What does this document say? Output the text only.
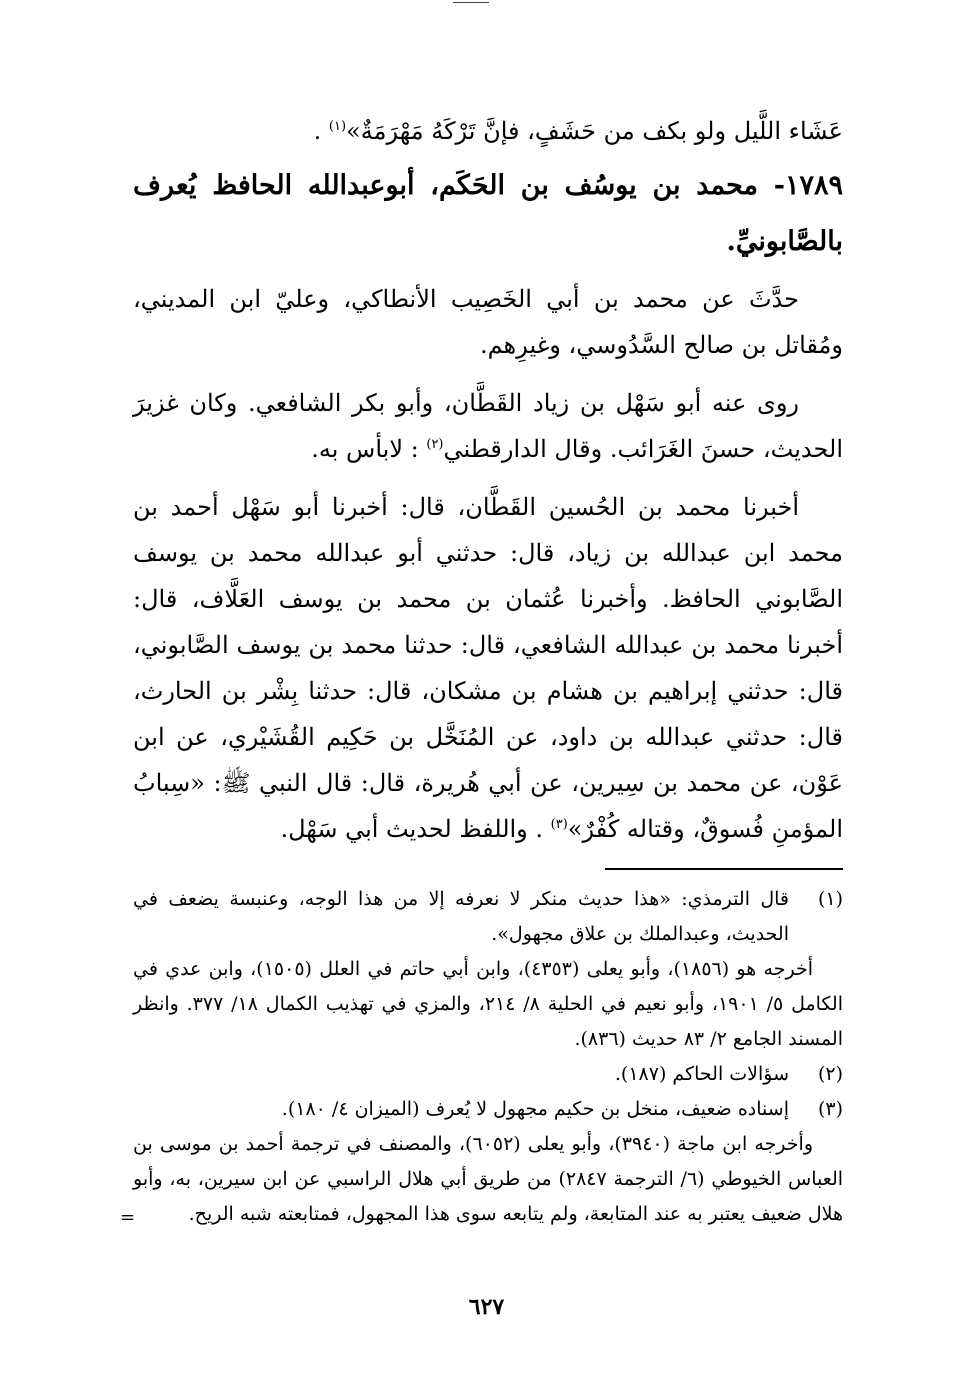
عَشَاء اللَّيل ولو بكف من حَشَفٍ، فإنَّ تَرْكَهُ مَهْرَمَةٌ»$^{(١)}$ .

١٧٨٩- محمد بن يوسُف بن الحَكَم، أبوعبدالله الحافظ يُعرف بالصَّابونيِّ.

حدَّثَ عن محمد بن أبي الخَصِيب الأنطاكي، وعليّ ابن المديني، ومُقاتل بن صالح السَّدُوسي، وغيرِهم.

روى عنه أبو سَهْل بن زياد القَطَّان، وأبو بكر الشافعي. وكان غزيرَ الحديث، حسنَ الغَرَائب. وقال الدارقطني$^{(٢)}$ : لابأس به.

أخبرنا محمد بن الحُسين القَطَّان، قال: أخبرنا أبو سَهْل أحمد بن محمد ابن عبدالله بن زياد، قال: حدثني أبو عبدالله محمد بن يوسف الصَّابوني الحافظ. وأخبرنا عُثمان بن محمد بن يوسف العَلَّاف، قال: أخبرنا محمد بن عبدالله الشافعي، قال: حدثنا محمد بن يوسف الصَّابوني، قال: حدثني إبراهيم بن هشام بن مشكان، قال: حدثنا بِشْر بن الحارث، قال: حدثني عبدالله بن داود، عن المُنَخَّل بن حَكِيم القُشَيْري، عن ابن عَوْن، عن محمد بن سِيرين، عن أبي هُريرة، قال: قال النبي ﷺ: «سِبابُ المؤمنِ فُسوقٌ، وقتاله كُفْرٌ»$^{(٣)}$ . واللفظ لحديث أبي سَهْل.

(١)
قال الترمذي: «هذا حديث منكر لا نعرفه إلا من هذا الوجه، وعنبسة يضعف في الحديث، وعبدالملك بن علاق مجهول».
أخرجه هو (١٨٥٦)، وأبو يعلى (٤٣٥٣)، وابن أبي حاتم في العلل (١٥٠٥)، وابن عدي في الكامل ٥/ ١٩٠١، وأبو نعيم في الحلية ٨/ ٢١٤، والمزي في تهذيب الكمال ١٨/ ٣٧٧. وانظر المسند الجامع ٢/ ٨٣ حديث (٨٣٦).
(٢)
سؤالات الحاكم (١٨٧).
(٣)
إسناده ضعيف، منخل بن حكيم مجهول لا يُعرف (الميزان ٤/ ١٨٠).
وأخرجه ابن ماجة (٣٩٤٠)، وأبو يعلى (٦٠٥٢)، والمصنف في ترجمة أحمد بن موسى بن العباس الخيوطي (٦/ الترجمة ٢٨٤٧) من طريق أبي هلال الراسبي عن ابن سيرين، به، وأبو هلال ضعيف يعتبر به عند المتابعة، ولم يتابعه سوى هذا المجهول، فمتابعته شبه الريح.
=
٦٢٧
